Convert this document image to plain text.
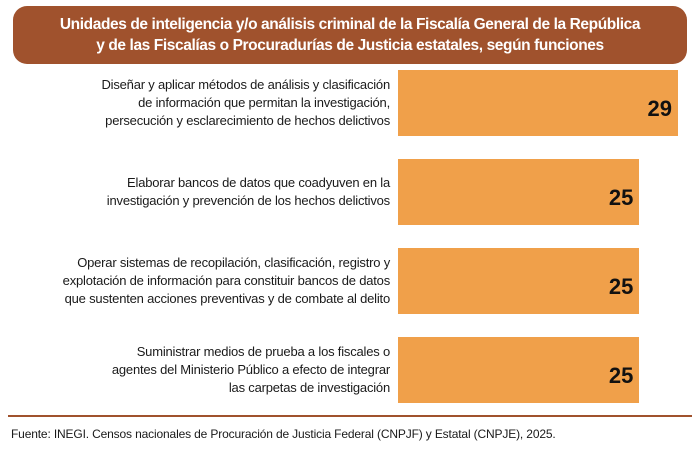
Unidades de inteligencia y/o análisis criminal de la Fiscalía General de la República
y de las Fiscalías o Procuradurías de Justicia estatales, según funciones
Diseñar y aplicar métodos de análisis y clasificación
de información que permitan la investigación,
persecución y esclarecimiento de hechos delictivos	29
Elaborar bancos de datos que coadyuven en la
investigación y prevención de los hechos delictivos	25
Operar sistemas de recopilación, clasificación, registro y
explotación de información para constituir bancos de datos
que sustenten acciones preventivas y de combate al delito	25
Suministrar medios de prueba a los fiscales o
agentes del Ministerio Público a efecto de integrar
las carpetas de investigación	25
Fuente: INEGI. Censos nacionales de Procuración de Justicia Federal (CNPJF) y Estatal (CNPJE), 2025.
